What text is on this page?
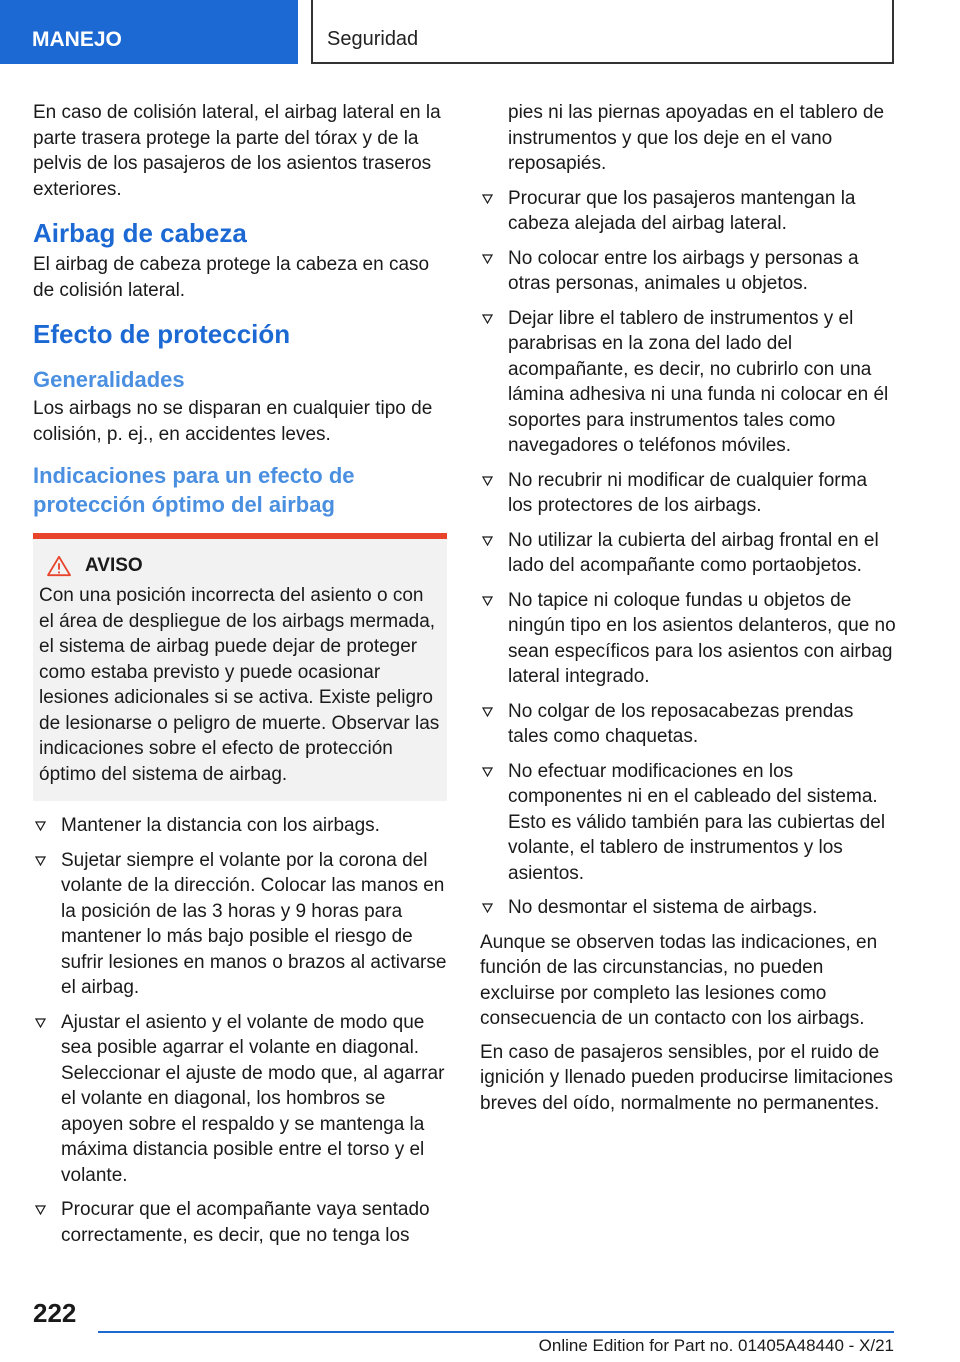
MANEJO	Seguridad

En caso de colisión lateral, el airbag lateral en la parte trasera protege la parte del tórax y de la pelvis de los pasajeros de los asientos traseros exteriores.

Airbag de cabeza

El airbag de cabeza protege la cabeza en caso de colisión lateral.

Efecto de protección
Generalidades

Los airbags no se disparan en cualquier tipo de colisión, p. ej., en accidentes leves.

Indicaciones para un efecto de protección óptimo del airbag
AVISO

Con una posición incorrecta del asiento o con el área de despliegue de los airbags mermada, el sistema de airbag puede dejar de proteger como estaba previsto y puede ocasionar lesiones adicionales si se activa. Existe peligro de lesionarse o peligro de muerte. Observar las indicaciones sobre el efecto de protección óptimo del sistema de airbag.

Mantener la distancia con los airbags.
Sujetar siempre el volante por la corona del volante de la dirección. Colocar las manos en la posición de las 3 horas y 9 horas para mantener lo más bajo posible el riesgo de sufrir lesiones en manos o brazos al activarse el airbag.
Ajustar el asiento y el volante de modo que sea posible agarrar el volante en diagonal. Seleccionar el ajuste de modo que, al agarrar el volante en diagonal, los hombros se apoyen sobre el respaldo y se mantenga la máxima distancia posible entre el torso y el volante.
Procurar que el acompañante vaya sentado correctamente, es decir, que no tenga los
pies ni las piernas apoyadas en el tablero de instrumentos y que los deje en el vano reposapiés.
Procurar que los pasajeros mantengan la cabeza alejada del airbag lateral.
No colocar entre los airbags y personas a otras personas, animales u objetos.
Dejar libre el tablero de instrumentos y el parabrisas en la zona del lado del acompañante, es decir, no cubrirlo con una lámina adhesiva ni una funda ni colocar en él soportes para instrumentos tales como navegadores o teléfonos móviles.
No recubrir ni modificar de cualquier forma los protectores de los airbags.
No utilizar la cubierta del airbag frontal en el lado del acompañante como portaobjetos.
No tapice ni coloque fundas u objetos de ningún tipo en los asientos delanteros, que no sean específicos para los asientos con airbag lateral integrado.
No colgar de los reposacabezas prendas tales como chaquetas.
No efectuar modificaciones en los componentes ni en el cableado del sistema. Esto es válido también para las cubiertas del volante, el tablero de instrumentos y los asientos.
No desmontar el sistema de airbags.

Aunque se observen todas las indicaciones, en función de las circunstancias, no pueden excluirse por completo las lesiones como consecuencia de un contacto con los airbags.

En caso de pasajeros sensibles, por el ruido de ignición y llenado pueden producirse limitaciones breves del oído, normalmente no permanentes.

222
Online Edition for Part no. 01405A48440 - X/21
